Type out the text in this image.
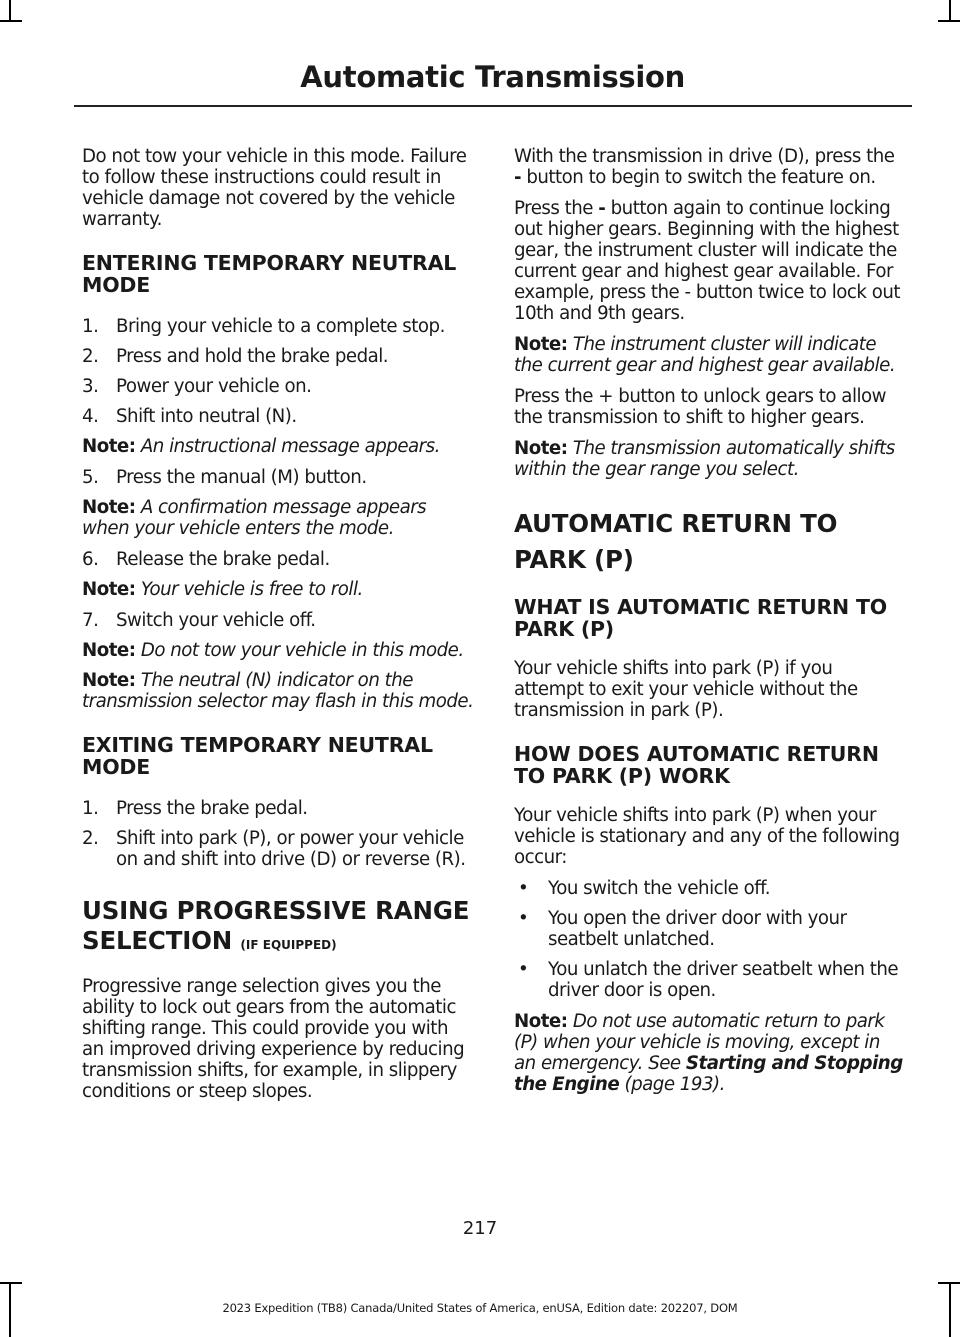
Automatic Transmission

Do not tow your vehicle in this mode. Failure to follow these instructions could result in vehicle damage not covered by the vehicle warranty.

ENTERING TEMPORARY NEUTRAL MODE
1. Bring your vehicle to a complete stop.
2. Press and hold the brake pedal.
3. Power your vehicle on.
4. Shift into neutral (N).

Note: An instructional message appears.

5. Press the manual (M) button.

Note: A confirmation message appears when your vehicle enters the mode.

6. Release the brake pedal.

Note: Your vehicle is free to roll.

7. Switch your vehicle off.

Note: Do not tow your vehicle in this mode.

Note: The neutral (N) indicator on the transmission selector may flash in this mode.

EXITING TEMPORARY NEUTRAL MODE
1. Press the brake pedal.
2. Shift into park (P), or power your vehicle on and shift into drive (D) or reverse (R).
USING PROGRESSIVE RANGE
SELECTION (IF EQUIPPED)

Progressive range selection gives you the ability to lock out gears from the automatic shifting range. This could provide you with an improved driving experience by reducing transmission shifts, for example, in slippery conditions or steep slopes.

With the transmission in drive (D), press the - button to begin to switch the feature on.

Press the - button again to continue locking out higher gears. Beginning with the highest gear, the instrument cluster will indicate the current gear and highest gear available. For example, press the - button twice to lock out 10th and 9th gears.

Note: The instrument cluster will indicate the current gear and highest gear available.

Press the + button to unlock gears to allow the transmission to shift to higher gears.

Note: The transmission automatically shifts within the gear range you select.

AUTOMATIC RETURN TO
PARK (P)
WHAT IS AUTOMATIC RETURN TO PARK (P)

Your vehicle shifts into park (P) if you attempt to exit your vehicle without the transmission in park (P).

HOW DOES AUTOMATIC RETURN TO PARK (P) WORK

Your vehicle shifts into park (P) when your vehicle is stationary and any of the following occur:

• You switch the vehicle off.
• You open the driver door with your seatbelt unlatched.
• You unlatch the driver seatbelt when the driver door is open.

Note: Do not use automatic return to park (P) when your vehicle is moving, except in an emergency. See Starting and Stopping the Engine (page 193).

217
2023 Expedition (TB8) Canada/United States of America, enUSA, Edition date: 202207, DOM
